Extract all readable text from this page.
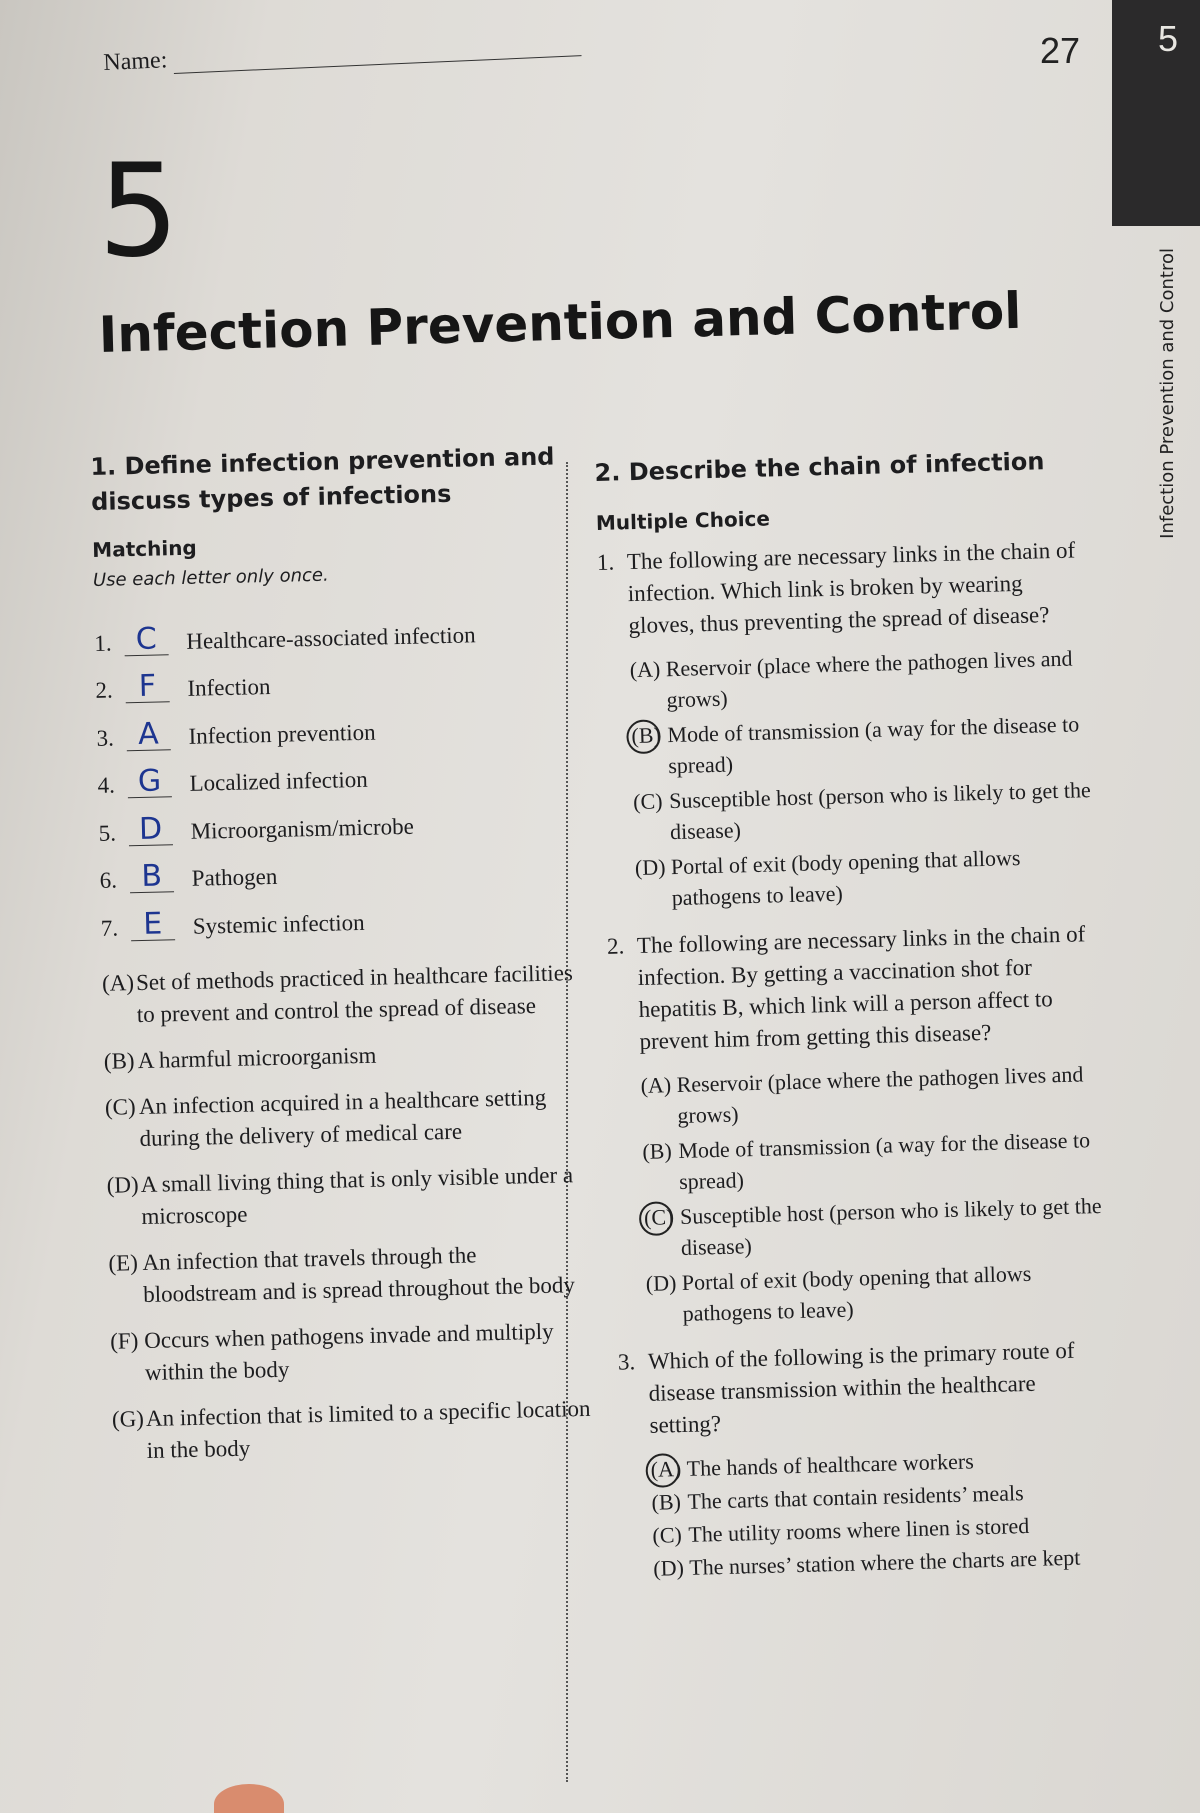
5
Infection Prevention and Control
27
Name:
5
Infection Prevention and Control
1. Define infection prevention and discuss types of infections
Matching
Use each letter only once.
1. C	Healthcare-associated infection
2. F	Infection
3. A	Infection prevention
4. G	Localized infection
5. D	Microorganism/microbe
6. B	Pathogen
7. E	Systemic infection
(A) Set of methods practiced in healthcare facilities to prevent and control the spread of disease
(B) A harmful microorganism
(C) An infection acquired in a healthcare setting during the delivery of medical care
(D) A small living thing that is only visible under a microscope
(E) An infection that travels through the bloodstream and is spread throughout the body
(F) Occurs when pathogens invade and multiply within the body
(G) An infection that is limited to a specific location in the body
2. Describe the chain of infection
Multiple Choice
1. The following are necessary links in the chain of infection. Which link is broken by wearing gloves, thus preventing the spread of disease?
(A) Reservoir (place where the pathogen lives and grows)
(B) Mode of transmission (a way for the disease to spread)
(C) Susceptible host (person who is likely to get the disease)
(D) Portal of exit (body opening that allows pathogens to leave)
2. The following are necessary links in the chain of infection. By getting a vaccination shot for hepatitis B, which link will a person affect to prevent him from getting this disease?
(A) Reservoir (place where the pathogen lives and grows)
(B) Mode of transmission (a way for the disease to spread)
(C) Susceptible host (person who is likely to get the disease)
(D) Portal of exit (body opening that allows pathogens to leave)
3. Which of the following is the primary route of disease transmission within the healthcare setting?
(A) The hands of healthcare workers
(B) The carts that contain residents’ meals
(C) The utility rooms where linen is stored
(D) The nurses’ station where the charts are kept
